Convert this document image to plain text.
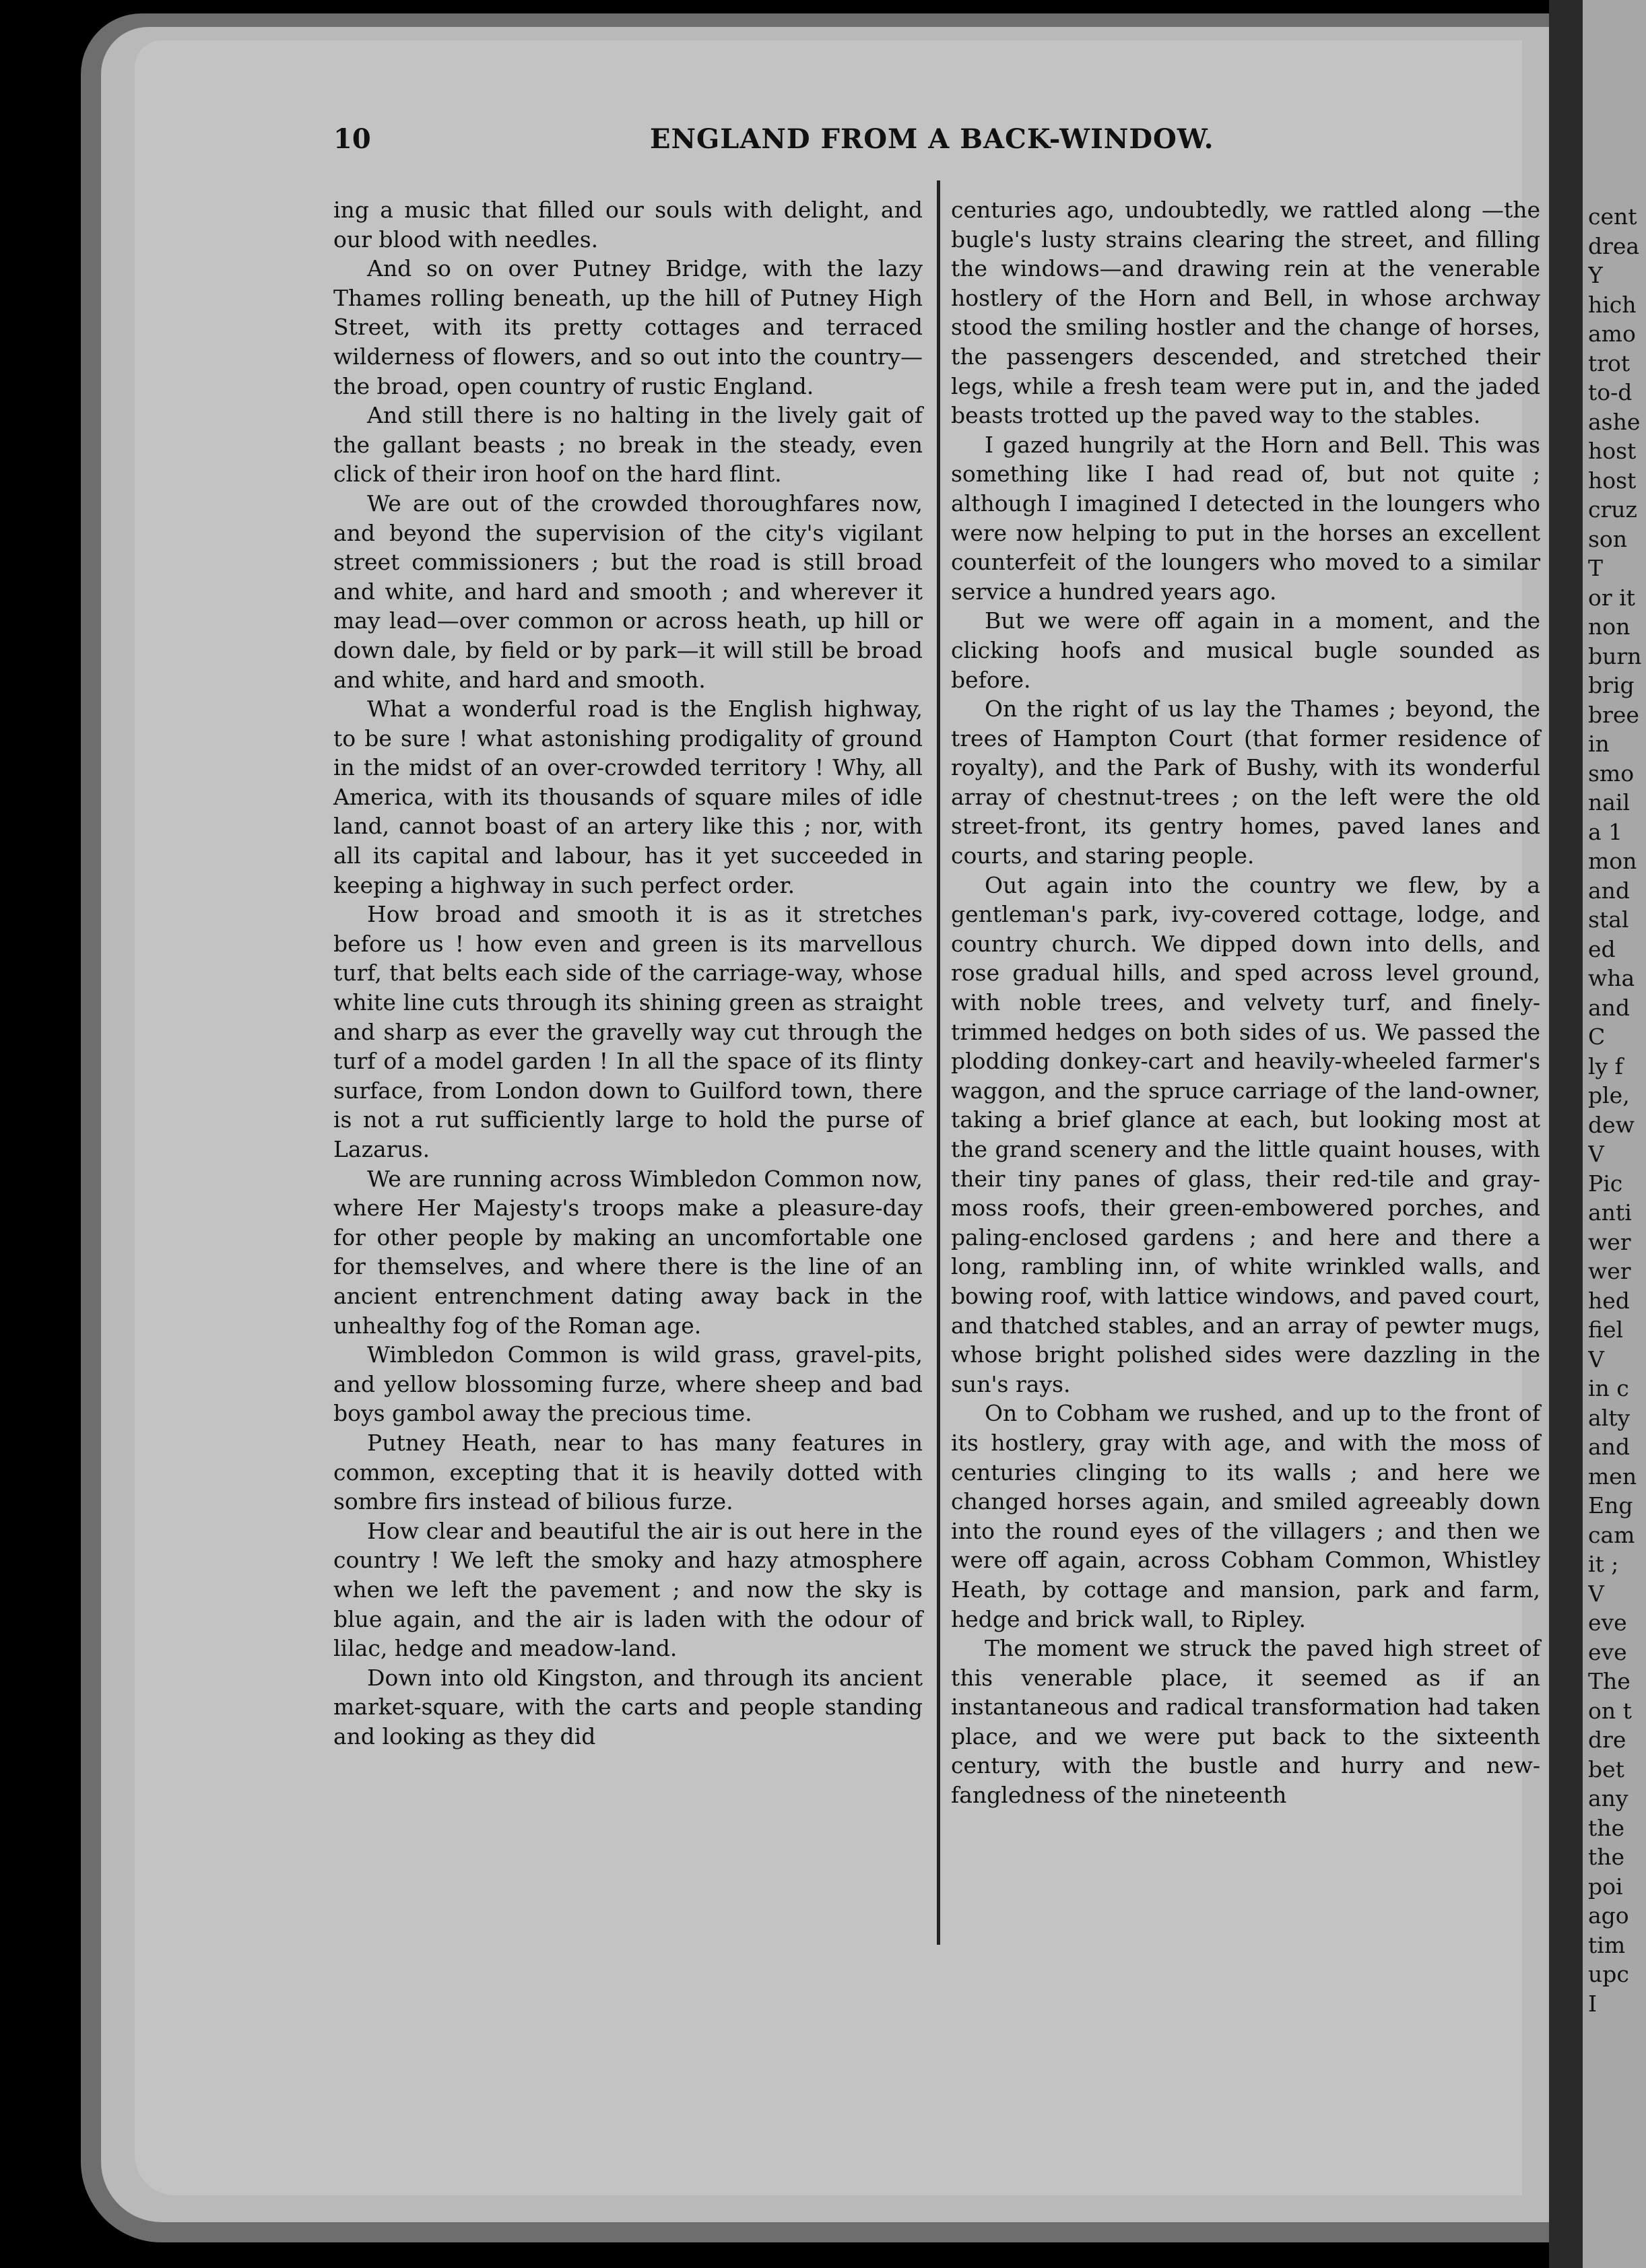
cent
drea
Y
hich
amo
trot
to-d
ashe
host
host
cruz
son
T
or it
non
burn
brig
bree
in
smo
nail
a 1
mon
and
stal
ed
wha
and
C
ly f
ple,
dew
V
Pic
anti
wer
wer
hed
fiel
V
in c
alty
and
men
Eng
cam
it ;
V
eve
eve
The
on t
dre
bet
any
the
the
poi
ago
tim
upc
I
10	ENGLAND FROM A BACK-WINDOW.

ing a music that filled our souls with delight, and our blood with needles.

And so on over Putney Bridge, with the lazy Thames rolling beneath, up the hill of Putney High Street, with its pretty cottages and terraced wilderness of flowers, and so out into the country—the broad, open country of rustic England.

And still there is no halting in the lively gait of the gallant beasts ; no break in the steady, even click of their iron hoof on the hard flint.

We are out of the crowded thoroughfares now, and beyond the supervision of the city's vigilant street commissioners ; but the road is still broad and white, and hard and smooth ; and wherever it may lead—over common or across heath, up hill or down dale, by field or by park—it will still be broad and white, and hard and smooth.

What a wonderful road is the English highway, to be sure ! what astonishing prodigality of ground in the midst of an over-crowded territory ! Why, all America, with its thousands of square miles of idle land, cannot boast of an artery like this ; nor, with all its capital and labour, has it yet succeeded in keeping a highway in such perfect order.

How broad and smooth it is as it stretches before us ! how even and green is its marvellous turf, that belts each side of the carriage-way, whose white line cuts through its shining green as straight and sharp as ever the gravelly way cut through the turf of a model garden ! In all the space of its flinty surface, from London down to Guilford town, there is not a rut sufficiently large to hold the purse of Lazarus.

We are running across Wimbledon Common now, where Her Majesty's troops make a pleasure-day for other people by making an uncomfortable one for themselves, and where there is the line of an ancient entrenchment dating away back in the unhealthy fog of the Roman age.

Wimbledon Common is wild grass, gravel-pits, and yellow blossoming furze, where sheep and bad boys gambol away the precious time.

Putney Heath, near to has many features in common, excepting that it is heavily dotted with sombre firs instead of bilious furze.

How clear and beautiful the air is out here in the country ! We left the smoky and hazy atmosphere when we left the pavement ; and now the sky is blue again, and the air is laden with the odour of lilac, hedge and meadow-land.

Down into old Kingston, and through its ancient market-square, with the carts and people standing and looking as they did

centuries ago, undoubtedly, we rattled along —the bugle's lusty strains clearing the street, and filling the windows—and drawing rein at the venerable hostlery of the Horn and Bell, in whose archway stood the smiling hostler and the change of horses, the passengers descended, and stretched their legs, while a fresh team were put in, and the jaded beasts trotted up the paved way to the stables.

I gazed hungrily at the Horn and Bell. This was something like I had read of, but not quite ; although I imagined I detected in the loungers who were now helping to put in the horses an excellent counterfeit of the loungers who moved to a similar service a hundred years ago.

But we were off again in a moment, and the clicking hoofs and musical bugle sounded as before.

On the right of us lay the Thames ; beyond, the trees of Hampton Court (that former residence of royalty), and the Park of Bushy, with its wonderful array of chestnut-trees ; on the left were the old street-front, its gentry homes, paved lanes and courts, and staring people.

Out again into the country we flew, by a gentleman's park, ivy-covered cottage, lodge, and country church. We dipped down into dells, and rose gradual hills, and sped across level ground, with noble trees, and velvety turf, and finely-trimmed hedges on both sides of us. We passed the plodding donkey-cart and heavily-wheeled farmer's waggon, and the spruce carriage of the land-owner, taking a brief glance at each, but looking most at the grand scenery and the little quaint houses, with their tiny panes of glass, their red-tile and gray-moss roofs, their green-embowered porches, and paling-enclosed gardens ; and here and there a long, rambling inn, of white wrinkled walls, and bowing roof, with lattice windows, and paved court, and thatched stables, and an array of pewter mugs, whose bright polished sides were dazzling in the sun's rays.

On to Cobham we rushed, and up to the front of its hostlery, gray with age, and with the moss of centuries clinging to its walls ; and here we changed horses again, and smiled agreeably down into the round eyes of the villagers ; and then we were off again, across Cobham Common, Whistley Heath, by cottage and mansion, park and farm, hedge and brick wall, to Ripley.

The moment we struck the paved high street of this venerable place, it seemed as if an instantaneous and radical transformation had taken place, and we were put back to the sixteenth century, with the bustle and hurry and new-fangledness of the nineteenth
